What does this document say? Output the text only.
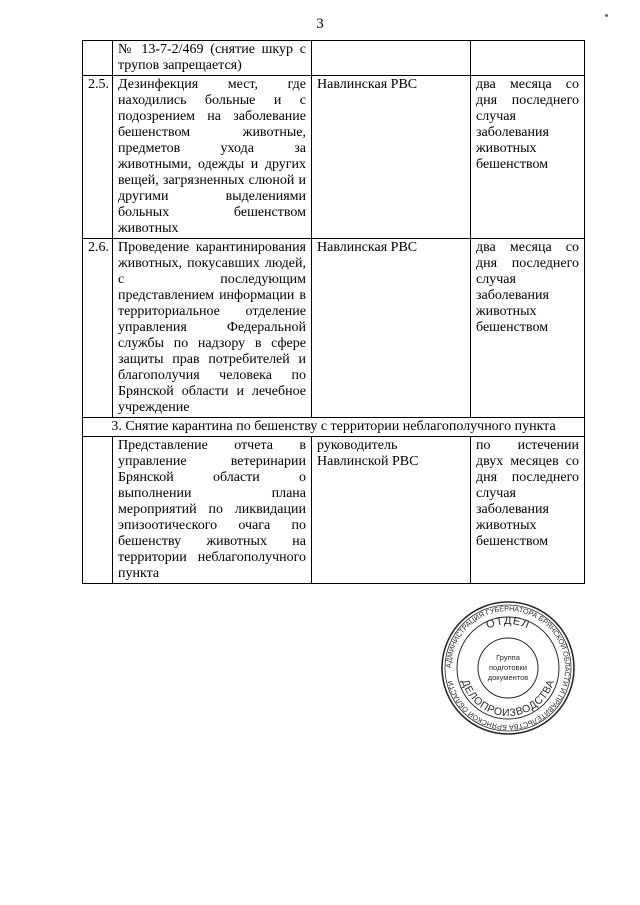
3
	№ 13-7-2/469 (снятие шкур с трупов запрещается)		
2.5.	Дезинфекция мест, где находились больные и с подозрением на заболевание бешенством животные, предметов ухода за животными, одежды и других вещей, загрязненных слюной и другими выделениями больных бешенством животных	Навлинская РВС	два месяца со дня последнего случая заболевания животных бешенством
2.6.	Проведение карантинирования животных, покусавших людей, с последующим представлением информации в территориальное отделение управления Федеральной службы по надзору в сфере защиты прав потребителей и благополучия человека по Брянской области и лечебное учреждение	Навлинская РВС	два месяца со дня последнего случая заболевания животных бешенством
3. Снятие карантина по бешенству с территории неблагополучного пункта			
	Представление отчета в управление ветеринарии Брянской области о выполнении плана мероприятий по ликвидации эпизоотического очага по бешенству животных на территории неблагополучного пункта	руководитель Навлинской РВС	по истечении двух месяцев со дня последнего случая заболевания животных бешенством
АДМИНИСТРАЦИЯ ГУБЕРНАТОРА БРЯНСКОЙ ОБЛАСТИ И ПРАВИТЕЛЬСТВА БРЯНСКОЙ ОБЛАСТИ
ОТДЕЛ
ДЕЛОПРОИЗВОДСТВА
Группа
подготовки
документов
